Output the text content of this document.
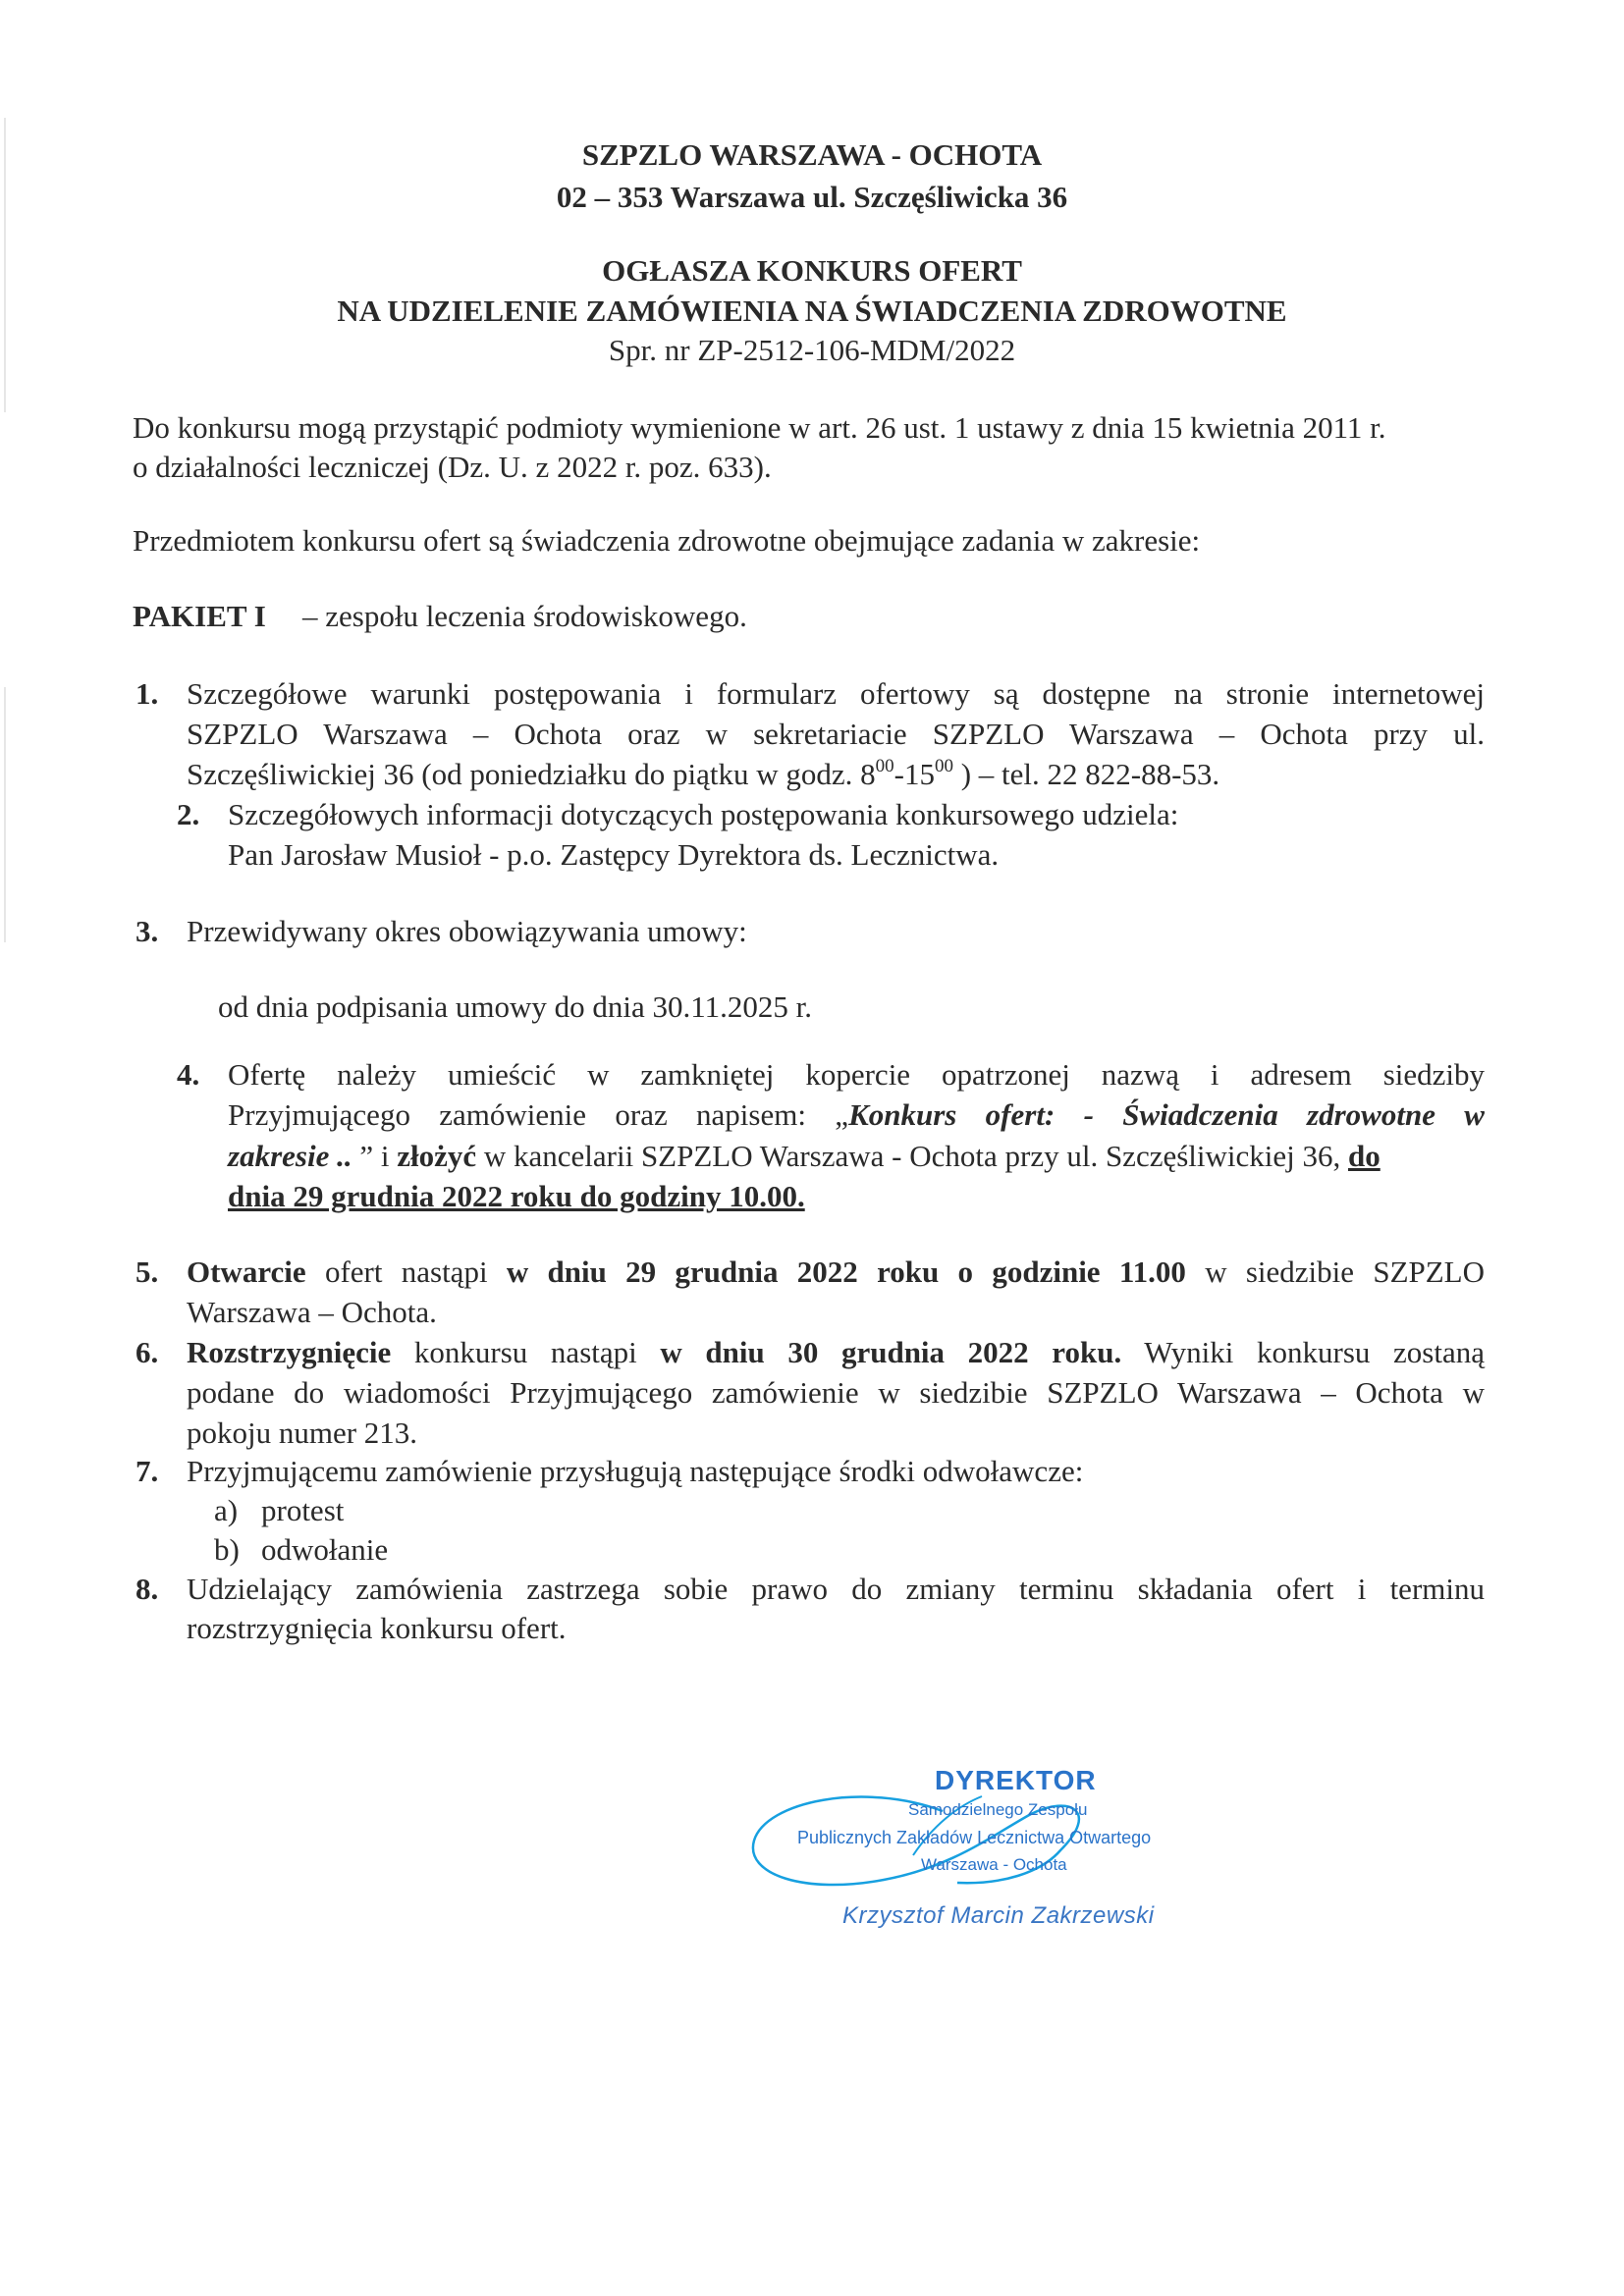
SZPZLO WARSZAWA - OCHOTA
02 – 353 Warszawa ul. Szczęśliwicka 36
OGŁASZA KONKURS OFERT
NA UDZIELENIE ZAMÓWIENIA NA ŚWIADCZENIA ZDROWOTNE
Spr. nr ZP-2512-106-MDM/2022
Do konkursu mogą przystąpić podmioty wymienione w art. 26 ust. 1 ustawy z dnia 15 kwietnia 2011 r.
o działalności leczniczej (Dz. U. z 2022 r. poz. 633).
Przedmiotem konkursu ofert są świadczenia zdrowotne obejmujące zadania w zakresie:
PAKIET I – zespołu leczenia środowiskowego.
1. Szczegółowe warunki postępowania i formularz ofertowy są dostępne na stronie internetowej
SZPZLO Warszawa – Ochota oraz w sekretariacie SZPZLO Warszawa – Ochota przy ul.
Szczęśliwickiej 36 (od poniedziałku do piątku w godz. $8^{00}-15^{00}$ ) – tel. 22 822-88-53.
2. Szczegółowych informacji dotyczących postępowania konkursowego udziela:
Pan Jarosław Musioł - p.o. Zastępcy Dyrektora ds. Lecznictwa.
3. Przewidywany okres obowiązywania umowy:
od dnia podpisania umowy do dnia 30.11.2025 r.
4. Ofertę należy umieścić w zamkniętej kopercie opatrzonej nazwą i adresem siedziby
Przyjmującego zamówienie oraz napisem: „Konkurs ofert: - Świadczenia zdrowotne w
zakresie .. ” i złożyć w kancelarii SZPZLO Warszawa - Ochota przy ul. Szczęśliwickiej 36, do
dnia 29 grudnia 2022 roku do godziny 10.00.
5. Otwarcie ofert nastąpi w dniu 29 grudnia 2022 roku o godzinie 11.00 w siedzibie SZPZLO
Warszawa – Ochota.
6. Rozstrzygnięcie konkursu nastąpi w dniu 30 grudnia 2022 roku. Wyniki konkursu zostaną
podane do wiadomości Przyjmującego zamówienie w siedzibie SZPZLO Warszawa – Ochota w
pokoju numer 213.
7. Przyjmującemu zamówienie przysługują następujące środki odwoławcze:
a) protest
b) odwołanie
8. Udzielający zamówienia zastrzega sobie prawo do zmiany terminu składania ofert i terminu
rozstrzygnięcia konkursu ofert.
DYREKTOR
Samodzielnego Zespołu
Publicznych Zakładów Lecznictwa Otwartego
Warszawa - Ochota
Krzysztof Marcin Zakrzewski
